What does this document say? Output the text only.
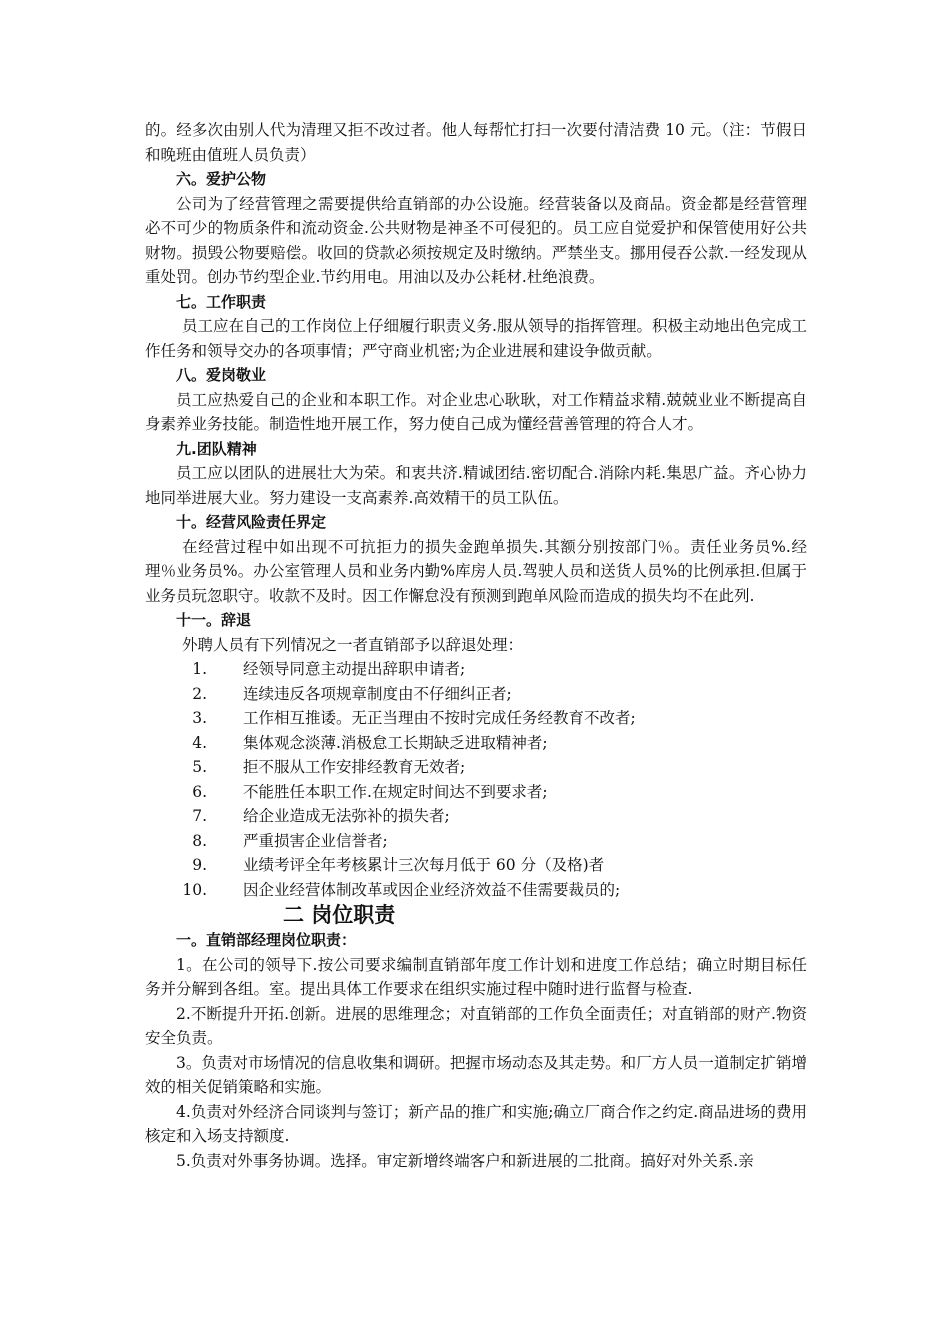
的。经多次由别人代为清理又拒不改过者。他人每帮忙打扫一次要付清洁费 10 元。（注：节假日和晚班由值班人员负责）

六。爱护公物

公司为了经营管理之需要提供给直销部的办公设施。经营装备以及商品。资金都是经营管理必不可少的物质条件和流动资金.公共财物是神圣不可侵犯的。员工应自觉爱护和保管使用好公共财物。损毁公物要赔偿。收回的贷款必须按规定及时缴纳。严禁坐支。挪用侵吞公款.一经发现从重处罚。创办节约型企业.节约用电。用油以及办公耗材.杜绝浪费。

七。工作职责

员工应在自己的工作岗位上仔细履行职责义务.服从领导的指挥管理。积极主动地出色完成工作任务和领导交办的各项事情；严守商业机密;为企业进展和建设争做贡献。

八。爱岗敬业

员工应热爱自己的企业和本职工作。对企业忠心耿耿，对工作精益求精.兢兢业业不断提高自身素养业务技能。制造性地开展工作，努力使自己成为懂经营善管理的符合人才。

九.团队精神

员工应以团队的进展壮大为荣。和衷共济.精诚团结.密切配合.消除内耗.集思广益。齐心协力地同举进展大业。努力建设一支高素养.高效精干的员工队伍。

十。经营风险责任界定

在经营过程中如出现不可抗拒力的损失金跑单损失.其额分别按部门％。责任业务员%.经理％业务员%。办公室管理人员和业务内勤%库房人员.驾驶人员和送货人员%的比例承担.但属于业务员玩忽职守。收款不及时。因工作懈怠没有预测到跑单风险而造成的损失均不在此列.

十一。辞退

外聘人员有下列情况之一者直销部予以辞退处理：

1. 经领导同意主动提出辞职申请者;
2. 连续违反各项规章制度由不仔细纠正者;
3. 工作相互推诿。无正当理由不按时完成任务经教育不改者;
4. 集体观念淡薄.消极怠工长期缺乏进取精神者;
5. 拒不服从工作安排经教育无效者;
6. 不能胜任本职工作.在规定时间达不到要求者;
7. 给企业造成无法弥补的损失者;
8. 严重损害企业信誉者;
9. 业绩考评全年考核累计三次每月低于 60 分（及格)者
10. 因企业经营体制改革或因企业经济效益不佳需要裁员的;

二 岗位职责

一。直销部经理岗位职责：

1。在公司的领导下.按公司要求编制直销部年度工作计划和进度工作总结；确立时期目标任务并分解到各组。室。提出具体工作要求在组织实施过程中随时进行监督与检查.

2.不断提升开拓.创新。进展的思维理念；对直销部的工作负全面责任；对直销部的财产.物资安全负责。

3。负责对市场情况的信息收集和调研。把握市场动态及其走势。和厂方人员一道制定扩销增效的相关促销策略和实施。

4.负责对外经济合同谈判与签订；新产品的推广和实施;确立厂商合作之约定.商品进场的费用核定和入场支持额度.

5.负责对外事务协调。选择。审定新增终端客户和新进展的二批商。搞好对外关系.亲
